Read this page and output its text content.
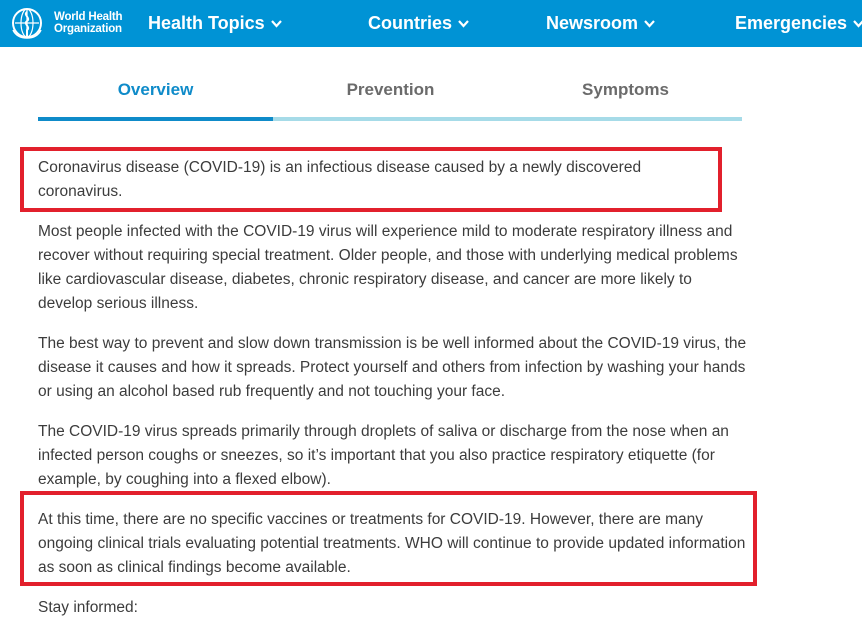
World Health
Organization Health Topics	Countries	Newsroom	Emergencies
Overview	Prevention	Symptoms

Coronavirus disease (COVID-19) is an infectious disease caused by a newly discovered coronavirus.

Most people infected with the COVID-19 virus will experience mild to moderate respiratory illness and recover without requiring special treatment. Older people, and those with underlying medical problems like cardiovascular disease, diabetes, chronic respiratory disease, and cancer are more likely to develop serious illness.

The best way to prevent and slow down transmission is be well informed about the COVID-19 virus, the disease it causes and how it spreads. Protect yourself and others from infection by washing your hands or using an alcohol based rub frequently and not touching your face.

The COVID-19 virus spreads primarily through droplets of saliva or discharge from the nose when an infected person coughs or sneezes, so it’s important that you also practice respiratory etiquette (for example, by coughing into a flexed elbow).

At this time, there are no specific vaccines or treatments for COVID-19. However, there are many ongoing clinical trials evaluating potential treatments. WHO will continue to provide updated information as soon as clinical findings become available.

Stay informed:
